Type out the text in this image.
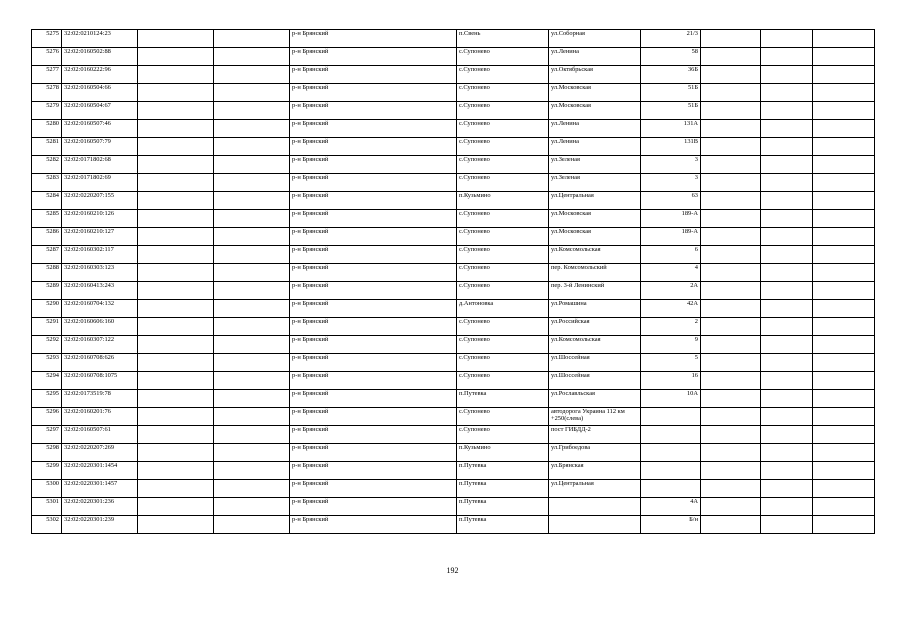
5275	32:02:0210124:23			р-н Брянский	п.Свень	ул.Соборная	21/3			
5276	32:02:0160502:88			р-н Брянский	с.Супонево	ул.Ленина	58			
5277	32:02:0160222:96			р-н Брянский	с.Супонево	ул.Октябрьская	36Б			
5278	32:02:0160504:66			р-н Брянский	с.Супонево	ул.Московская	51Б			
5279	32:02:0160504:67			р-н Брянский	с.Супонево	ул.Московская	51Б			
5280	32:02:0160507:46			р-н Брянский	с.Супонево	ул.Ленина	131А			
5281	32:02:0160507:79			р-н Брянский	с.Супонево	ул.Ленина	131В			
5282	32:02:0171802:68			р-н Брянский	с.Супонево	ул.Зеленая	3			
5283	32:02:0171802:69			р-н Брянский	с.Супонево	ул.Зеленая	3			
5284	32:02:0220207:155			р-н Брянский	п.Кузьмино	ул.Центральная	63			
5285	32:02:0160210:126			р-н Брянский	с.Супонево	ул.Московская	189-А			
5286	32:02:0160210:127			р-н Брянский	с.Супонево	ул.Московская	189-А			
5287	32:02:0160302:117			р-н Брянский	с.Супонево	ул.Комсомольская	6			
5288	32:02:0160303:123			р-н Брянский	с.Супонево	пер. Комсомольский	4			
5289	32:02:0160413:243			р-н Брянский	с.Супонево	пер. 3-й Ленинский	2А			
5290	32:02:0160704:132			р-н Брянский	д.Антоновка	ул.Ромашина	42А			
5291	32:02:0160606:160			р-н Брянский	с.Супонево	ул.Российская	2			
5292	32:02:0160307:122			р-н Брянский	с.Супонево	ул.Комсомольская	9			
5293	32:02:0160708:626			р-н Брянский	с.Супонево	ул.Шоссейная	5			
5294	32:02:0160708:1075			р-н Брянский	с.Супонево	ул.Шоссейная	16			
5295	32:02:0173519:78			р-н Брянский	п.Путевка	ул.Рославльская	10А			
5296	32:02:0160201:76			р-н Брянский	с.Супонево	автодорога Украина 112 км +250(слева)				
5297	32:02:0160507:61			р-н Брянский	с.Супонево	пост ГИБДД-2				
5298	32:02:0220207:269			р-н Брянский	п.Кузьмино	ул.Грибоедова				
5299	32:02:0220301:1454			р-н Брянский	п.Путевка	ул.Брянская				
5300	32:02:0220301:1457			р-н Брянский	п.Путевка	ул.Центральная				
5301	32:02:0220301:236			р-н Брянский	п.Путевка		4А			
5302	32:02:0220301:239			р-н Брянский	п.Путевка		Б/н			
192
